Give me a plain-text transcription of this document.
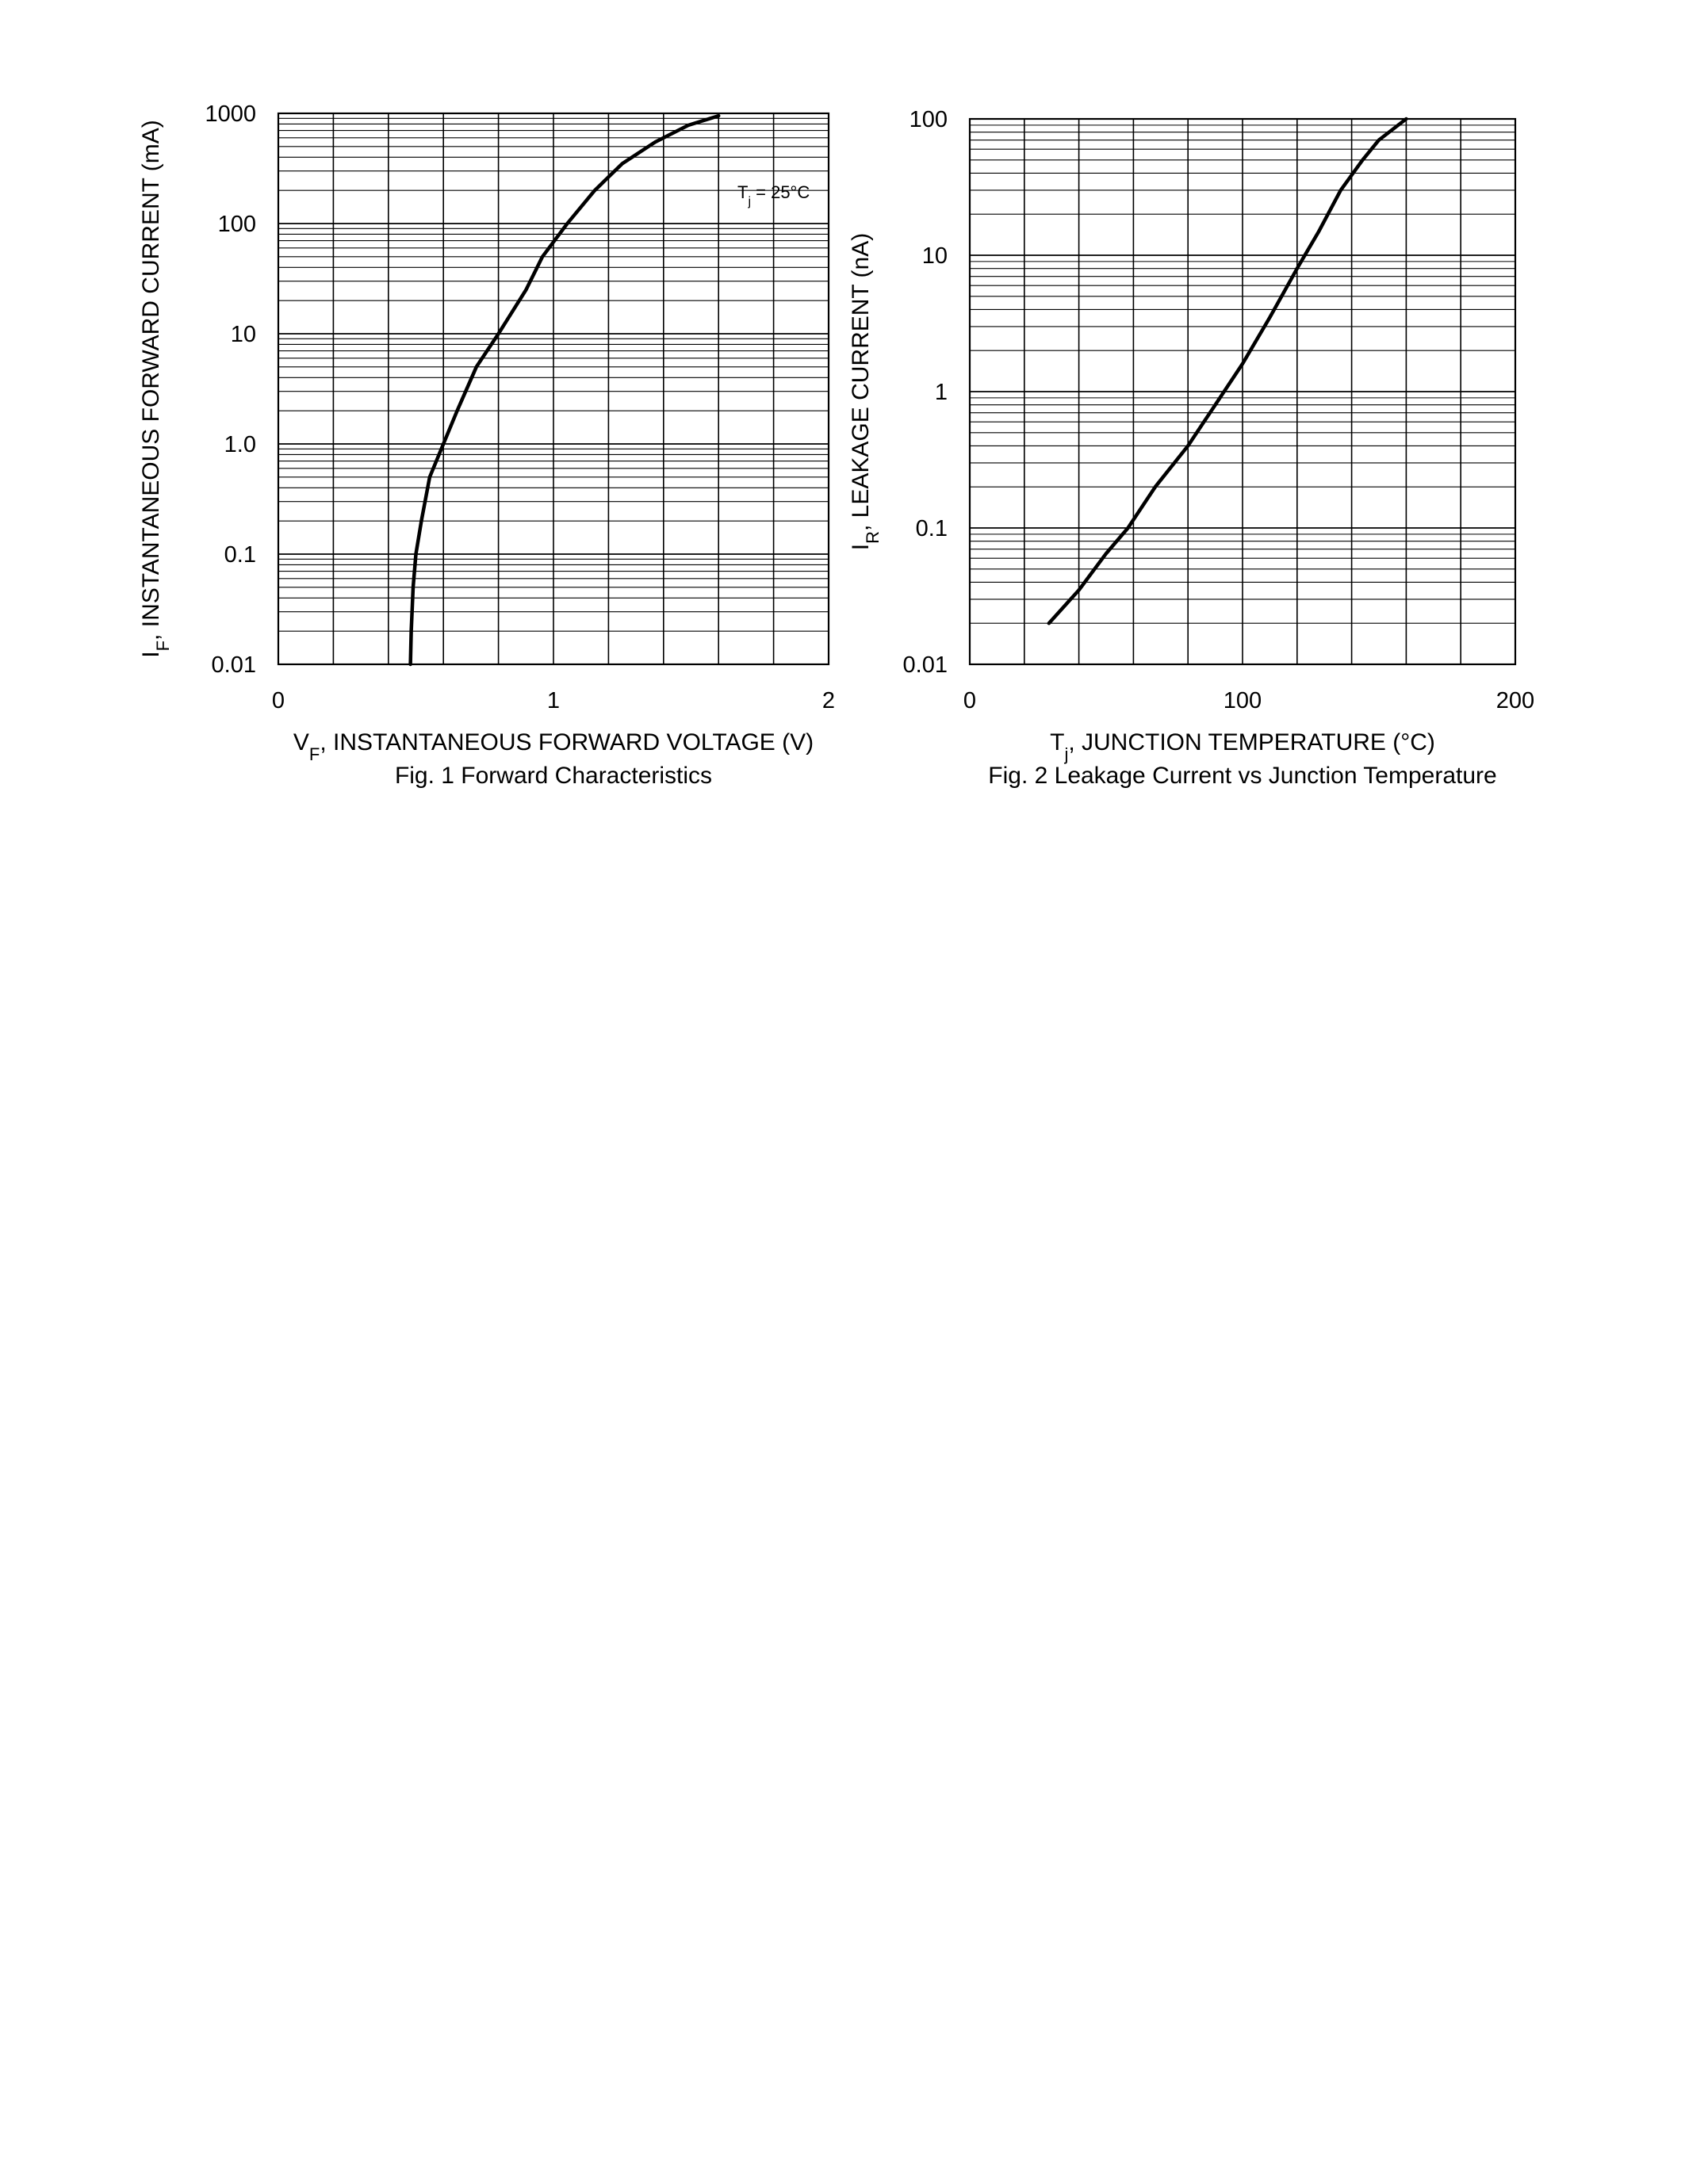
0.01
0.1
1.0
10
100
1000
0	1	2
$I_F$, INSTANTANEOUS FORWARD CURRENT (mA)
$V_F$, INSTANTANEOUS FORWARD VOLTAGE (V)
Fig. 1 Forward Characteristics
$T_j = 25^\circ C$
0.01
0.1
1
10
100
0	100	200
$I_R$, LEAKAGE CURRENT (nA)
$T_j$, JUNCTION TEMPERATURE (°C)
Fig. 2 Leakage Current vs Junction Temperature
